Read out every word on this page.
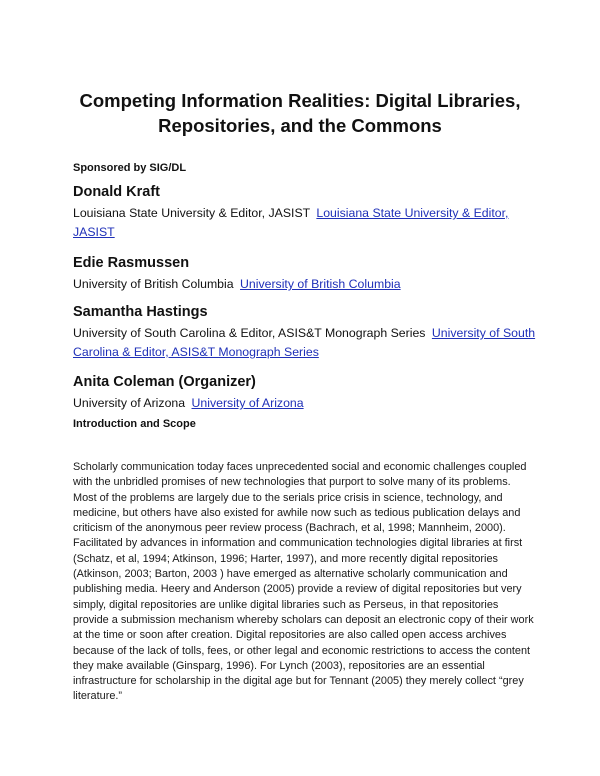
Competing Information Realities: Digital Libraries,
Repositories, and the Commons

Sponsored by SIG/DL

Donald Kraft

Louisiana State University & Editor, JASIST Louisiana State University & Editor, JASIST

Edie Rasmussen

University of British Columbia University of British Columbia

Samantha Hastings

University of South Carolina & Editor, ASIS&T Monograph Series University of South Carolina & Editor, ASIS&T Monograph Series

Anita Coleman (Organizer)

University of Arizona University of Arizona

Introduction and Scope

Scholarly communication today faces unprecedented social and economic challenges coupled with the unbridled promises of new technologies that purport to solve many of its problems. Most of the problems are largely due to the serials price crisis in science, technology, and medicine, but others have also existed for awhile now such as tedious publication delays and criticism of the anonymous peer review process (Bachrach, et al, 1998; Mannheim, 2000). Facilitated by advances in information and communication technologies digital libraries at first (Schatz, et al, 1994; Atkinson, 1996; Harter, 1997), and more recently digital repositories (Atkinson, 2003; Barton, 2003 ) have emerged as alternative scholarly communication and publishing media. Heery and Anderson (2005) provide a review of digital repositories but very simply, digital repositories are unlike digital libraries such as Perseus, in that repositories provide a submission mechanism whereby scholars can deposit an electronic copy of their work at the time or soon after creation. Digital repositories are also called open access archives because of the lack of tolls, fees, or other legal and economic restrictions to access the content they make available (Ginsparg, 1996). For Lynch (2003), repositories are an essential infrastructure for scholarship in the digital age but for Tennant (2005) they merely collect “grey literature.”
